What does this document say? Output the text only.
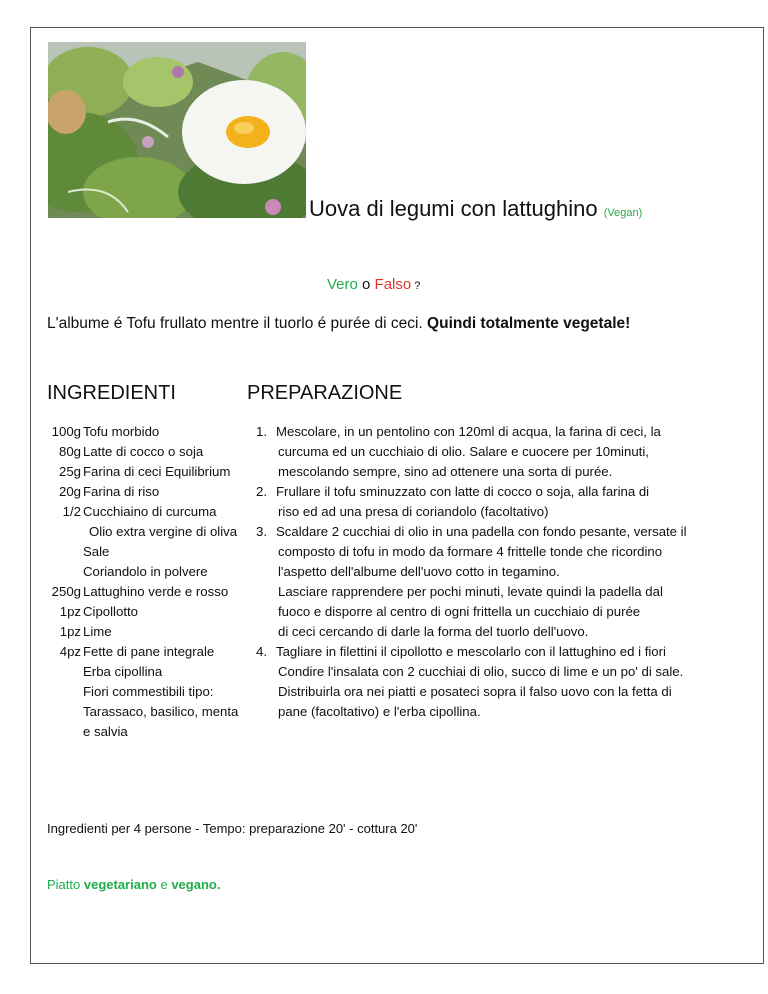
Uova di legumi con lattughino (Vegan)
Vero o Falso ?
L'albume é Tofu frullato mentre il tuorlo é purée di ceci. Quindi totalmente vegetale!
INGREDIENTI	PREPARAZIONE
100g Tofu morbido
80g Latte di cocco o soja
25g Farina di ceci Equilibrium
20g Farina di riso
1/2 Cucchiaino di curcuma
Olio extra vergine di oliva
Sale
Coriandolo in polvere
250g Lattughino verde e rosso
1pz Cipollotto
1pz Lime
4pz Fette di pane integrale
Erba cipollina
Fiori commestibili tipo:
Tarassaco, basilico, menta
e salvia
1. Mescolare, in un pentolino con 120ml di acqua, la farina di ceci, la
curcuma ed un cucchiaio di olio. Salare e cuocere per 10minuti,
mescolando sempre, sino ad ottenere una sorta di purée.
2. Frullare il tofu sminuzzato con latte di cocco o soja, alla farina di
riso ed ad una presa di coriandolo (facoltativo)
3. Scaldare 2 cucchiai di olio in una padella con fondo pesante, versate il
composto di tofu in modo da formare 4 frittelle tonde che ricordino
l'aspetto dell'albume dell'uovo cotto in tegamino.
Lasciare rapprendere per pochi minuti, levate quindi la padella dal
fuoco e disporre al centro di ogni frittella un cucchiaio di purée
di ceci cercando di darle la forma del tuorlo dell'uovo.
4. Tagliare in filettini il cipollotto e mescolarlo con il lattughino ed i fiori
Condire l'insalata con 2 cucchiai di olio, succo di lime e un po' di sale.
Distribuirla ora nei piatti e posateci sopra il falso uovo con la fetta di
pane (facoltativo) e l'erba cipollina.
Ingredienti per 4 persone - Tempo: preparazione 20' - cottura 20'
Piatto vegetariano e vegano.
